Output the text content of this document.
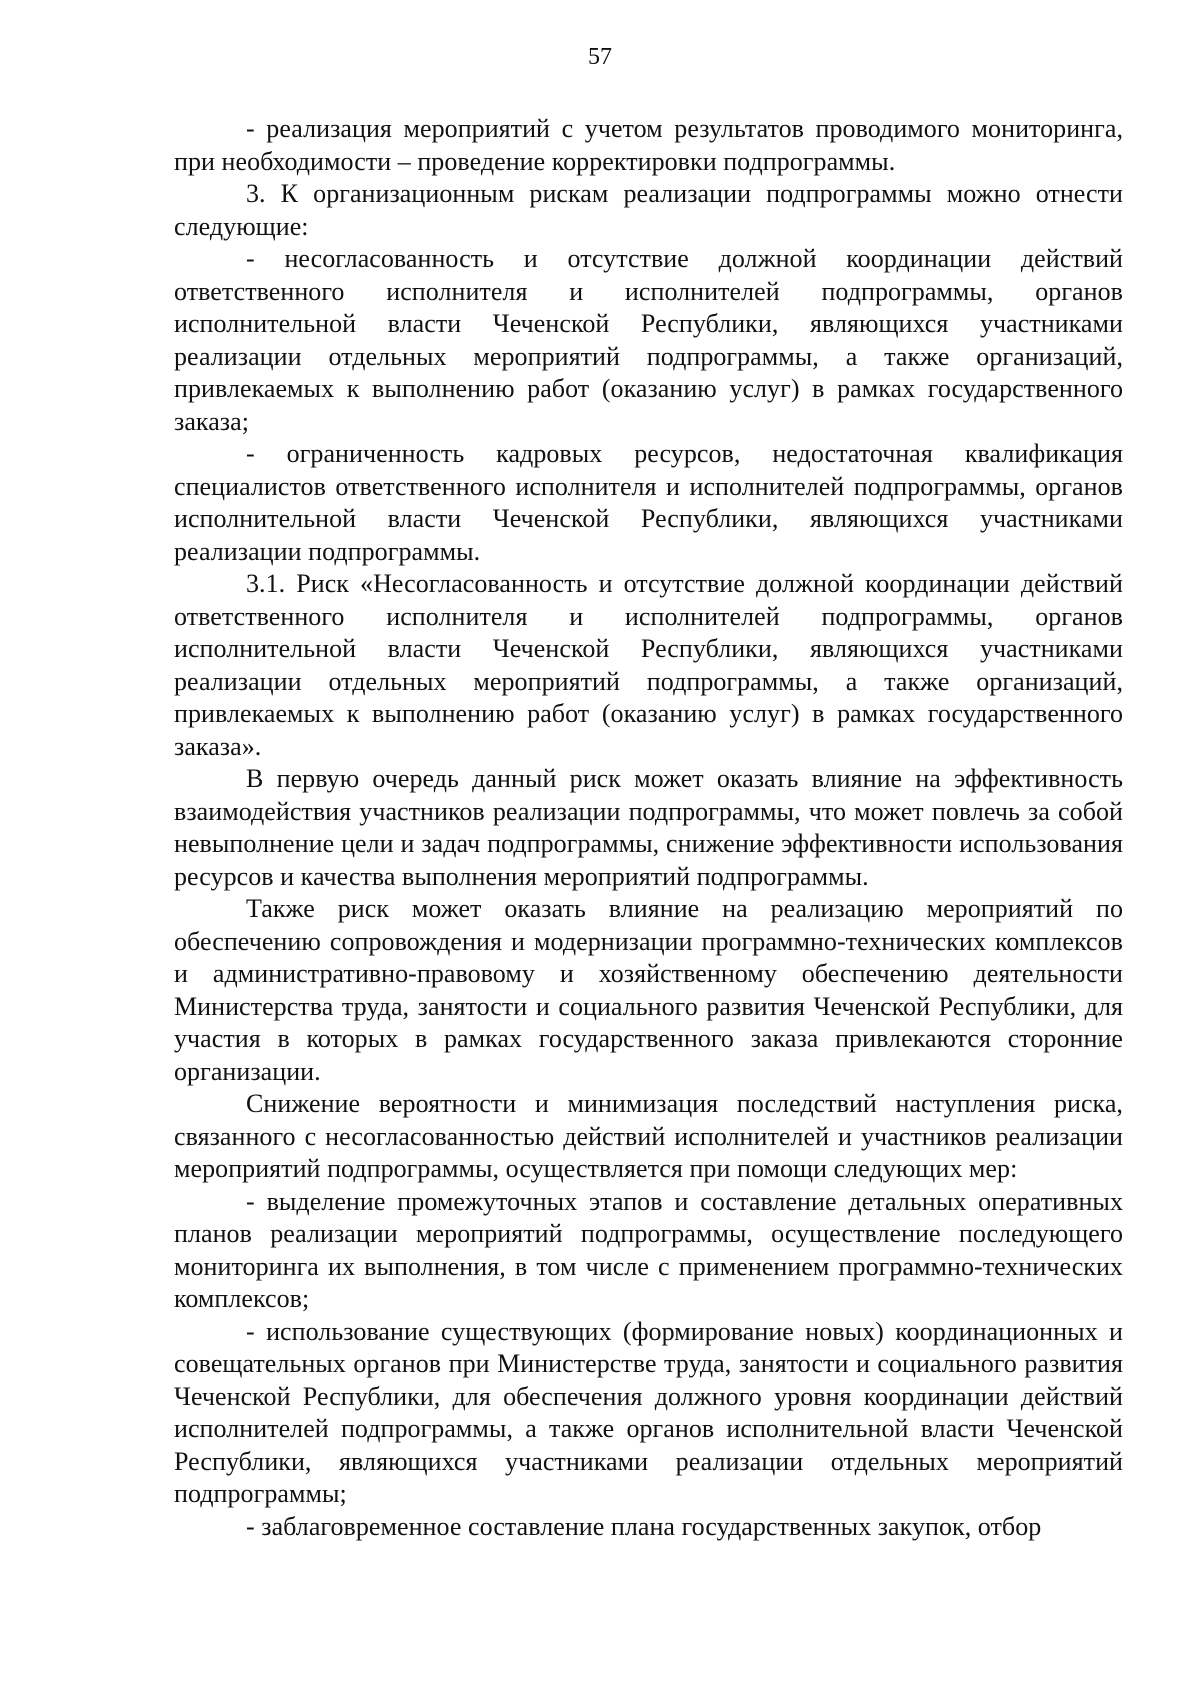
57

- реализация мероприятий с учетом результатов проводимого мониторинга, при необходимости – проведение корректировки подпрограммы.

3. К организационным рискам реализации подпрограммы можно отнести следующие:

- несогласованность и отсутствие должной координации действий ответственного исполнителя и исполнителей подпрограммы, органов исполнительной власти Чеченской Республики, являющихся участниками реализации отдельных мероприятий подпрограммы, а также организаций, привлекаемых к выполнению работ (оказанию услуг) в рамках государственного заказа;

- ограниченность кадровых ресурсов, недостаточная квалификация специалистов ответственного исполнителя и исполнителей подпрограммы, органов исполнительной власти Чеченской Республики, являющихся участниками реализации подпрограммы.

3.1. Риск «Несогласованность и отсутствие должной координации действий ответственного исполнителя и исполнителей подпрограммы, органов исполнительной власти Чеченской Республики, являющихся участниками реализации отдельных мероприятий подпрограммы, а также организаций, привлекаемых к выполнению работ (оказанию услуг) в рамках государственного заказа».

В первую очередь данный риск может оказать влияние на эффективность взаимодействия участников реализации подпрограммы, что может повлечь за собой невыполнение цели и задач подпрограммы, снижение эффективности использования ресурсов и качества выполнения мероприятий подпрограммы.

Также риск может оказать влияние на реализацию мероприятий по обеспечению сопровождения и модернизации программно-технических комплексов и административно-правовому и хозяйственному обеспечению деятельности Министерства труда, занятости и социального развития Чеченской Республики, для участия в которых в рамках государственного заказа привлекаются сторонние организации.

Снижение вероятности и минимизация последствий наступления риска, связанного с несогласованностью действий исполнителей и участников реализации мероприятий подпрограммы, осуществляется при помощи следующих мер:

- выделение промежуточных этапов и составление детальных оперативных планов реализации мероприятий подпрограммы, осуществление последующего мониторинга их выполнения, в том числе с применением программно-технических комплексов;

- использование существующих (формирование новых) координационных и совещательных органов при Министерстве труда, занятости и социального развития Чеченской Республики, для обеспечения должного уровня координации действий исполнителей подпрограммы, а также органов исполнительной власти Чеченской Республики, являющихся участниками реализации отдельных мероприятий подпрограммы;

- заблаговременное составление плана государственных закупок, отбор
